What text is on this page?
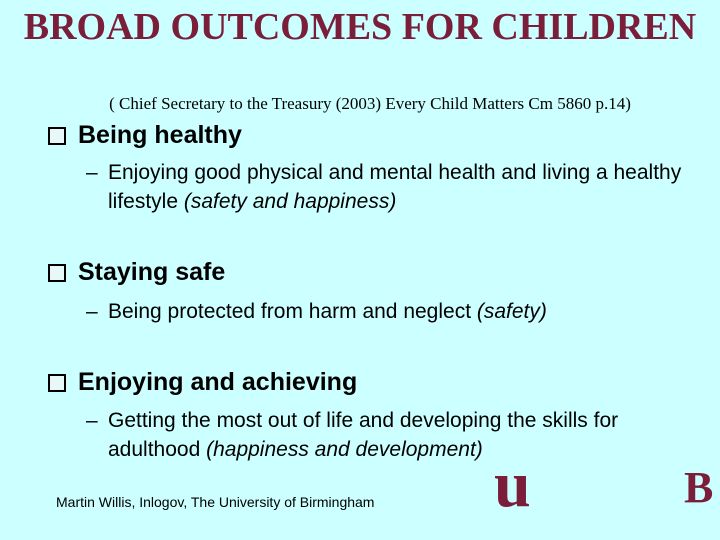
BROAD OUTCOMES FOR CHILDREN
( Chief Secretary to the Treasury (2003) Every Child Matters Cm 5860 p.14)
Being healthy
– Enjoying good physical and mental health and living a healthy lifestyle (safety and happiness)
Staying safe
– Being protected from harm and neglect (safety)
Enjoying and achieving
– Getting the most out of life and developing the skills for adulthood (happiness and development)
Martin Willis, Inlogov, The University of Birmingham u	B
